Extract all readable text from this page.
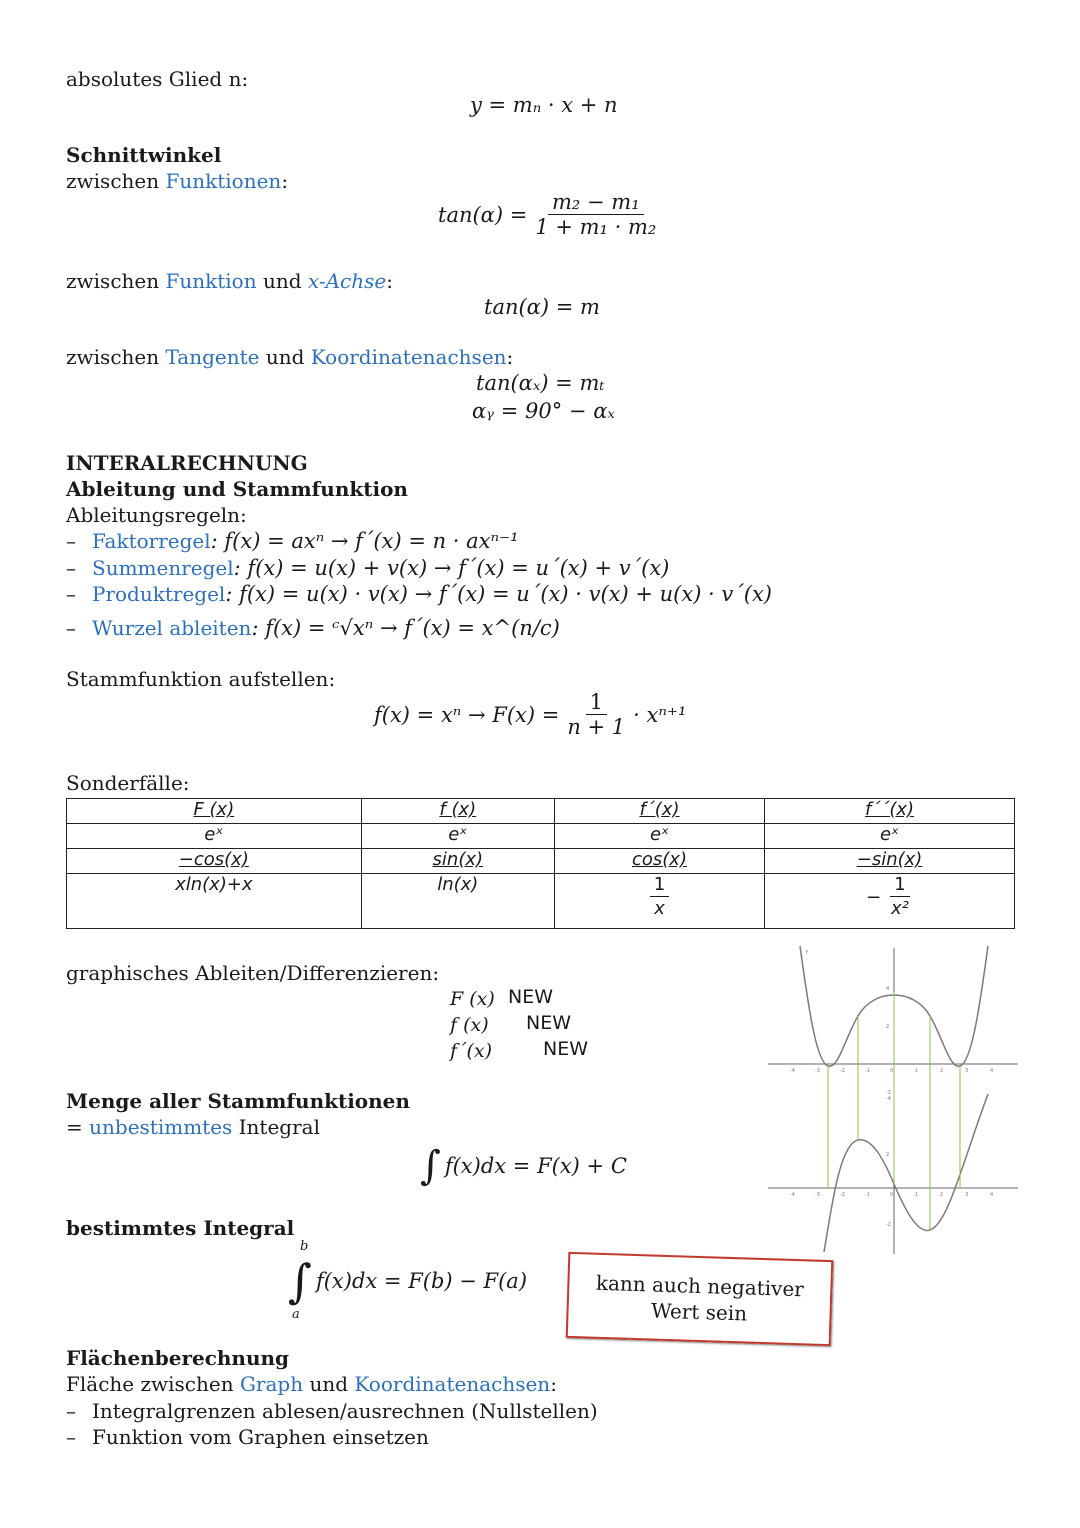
absolutes Glied n:
y = mₙ · x + n
Schnittwinkel
zwischen Funktionen:
$\tan(\alpha) = \frac{\text{m₂ − m₁}}{\text{1 + m₁ · m₂}}$
zwischen Funktion und x-Achse:
tan(α) = m
zwischen Tangente und Koordinatenachsen:
tan(αₓ) = mₜ
αᵧ = 90° − αₓ
INTERALRECHNUNG
Ableitung und Stammfunktion
Ableitungsregeln:
– Faktorregel: f(x) = axⁿ → f´(x) = n · axⁿ⁻¹
– Summenregel: f(x) = u(x) + v(x) → f´(x) = u´(x) + v´(x)
– Produktregel: f(x) = u(x) · v(x) → f´(x) = u´(x) · v(x) + u(x) · v´(x)
– Wurzel ableiten: f(x) = ᶜ√xⁿ → f´(x) = x^(n/c)
Stammfunktion aufstellen:
$f(x) = x^n \to F(x) = \frac{1}{n + 1} \cdot x^{n+1}$
Sonderfälle:
F (x)	f (x)	f´(x)	f´´(x)
eˣ	eˣ	eˣ	eˣ
−cos(x)	sin(x)	cos(x)	−sin(x)
xln(x)+x	ln(x)	$\frac{1}{x}$	− $\frac{1}{\text{x²}}$
graphisches Ableiten/Differenzieren:
F (x) NEW
f (x) NEW
f´(x)	NEW
f
-4	-3	-2	-1	0	1	2	3	4
-4	-3	-2	-1	0	1	2	3	4
4
2
-2
-4
2
-2
Menge aller Stammfunktionen
= unbestimmtes Integral
∫ f(x)dx = F(x) + C
bestimmtes Integral
b
a
∫ f(x)dx = F(b) − F(a)	kann auch negativer
Wert sein
Flächenberechnung
Fläche zwischen Graph und Koordinatenachsen:
– Integralgrenzen ablesen/ausrechnen (Nullstellen)
– Funktion vom Graphen einsetzen
